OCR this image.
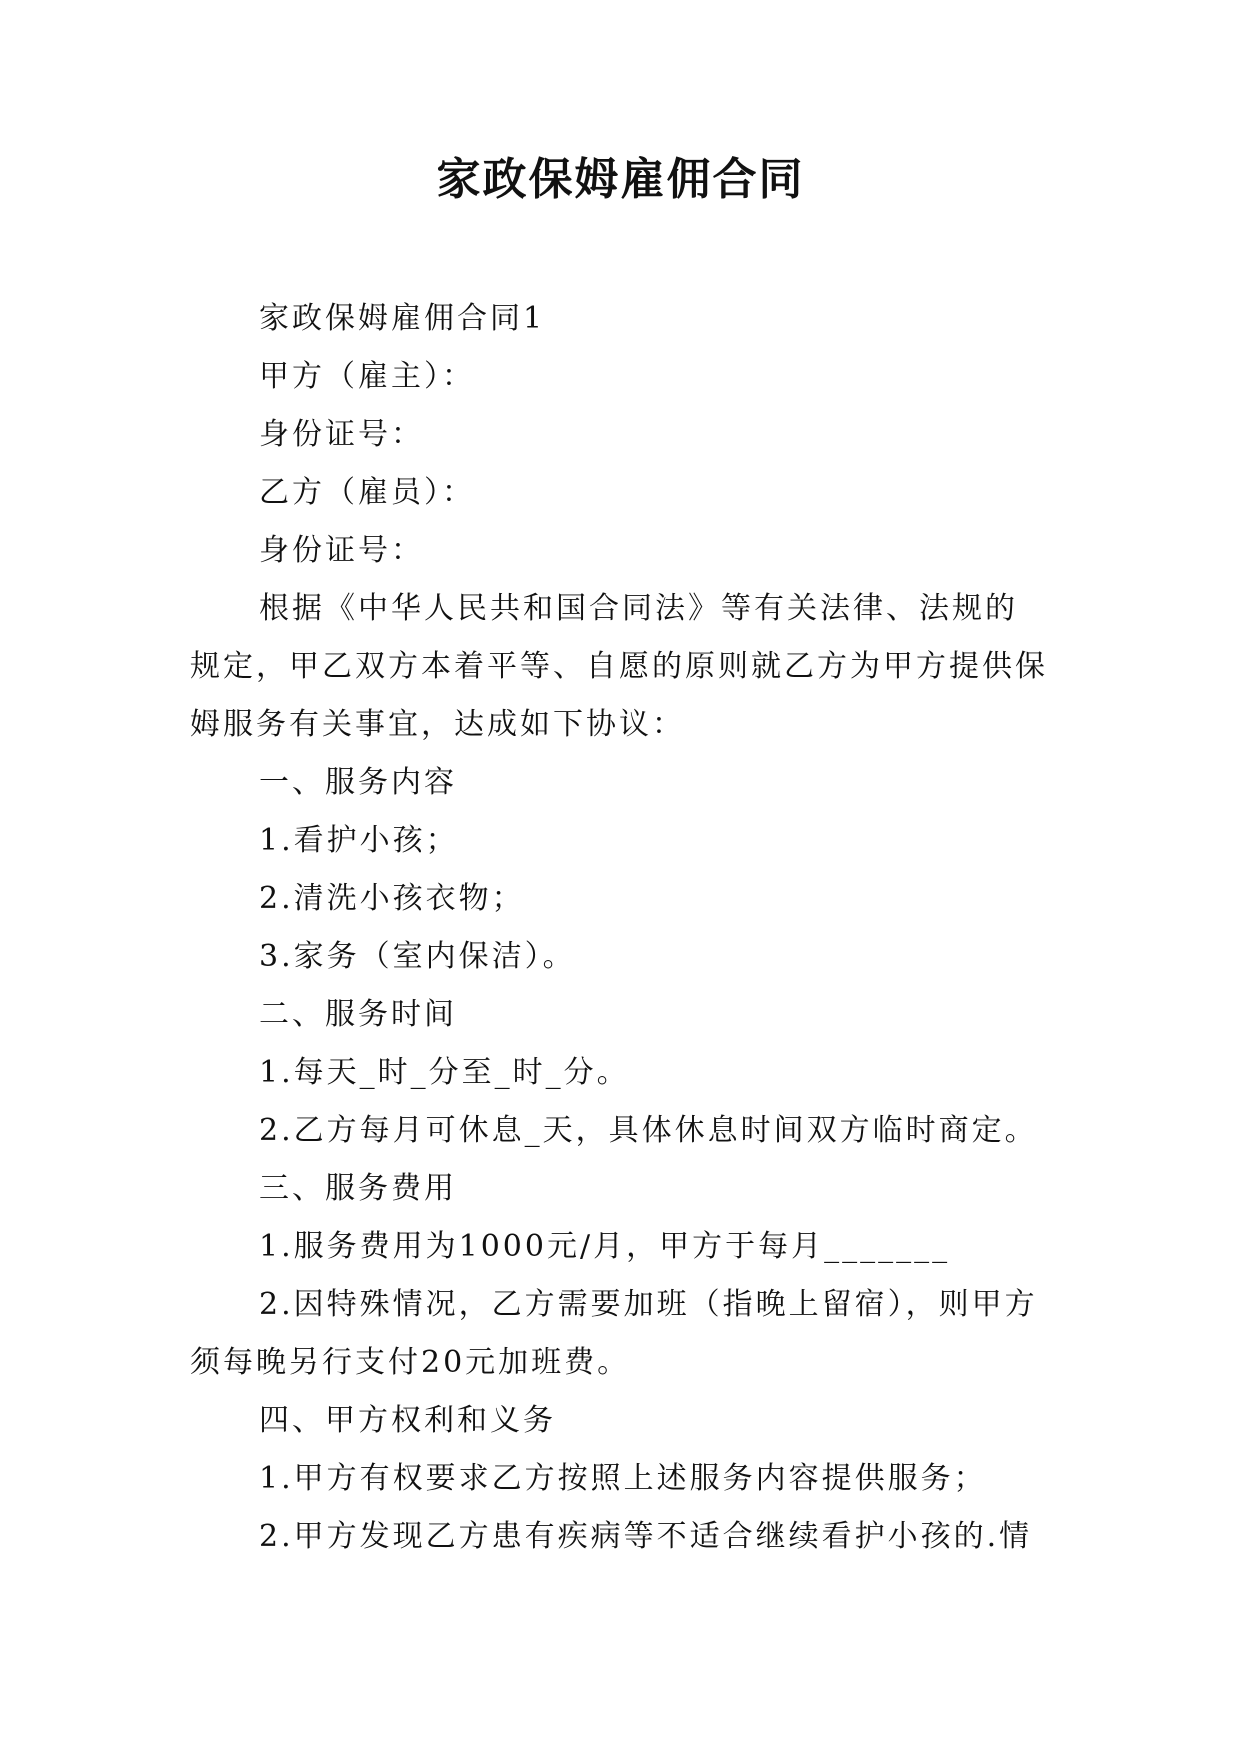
家政保姆雇佣合同

家政保姆雇佣合同1

甲方（雇主）：

身份证号：

乙方（雇员）：

身份证号：

根据《中华人民共和国合同法》等有关法律、法规的规定，甲乙双方本着平等、自愿的原则就乙方为甲方提供保姆服务有关事宜，达成如下协议：

一、服务内容

1.看护小孩；

2.清洗小孩衣物；

3.家务（室内保洁）。

二、服务时间

1.每天_时_分至_时_分。

2.乙方每月可休息_天，具体休息时间双方临时商定。

三、服务费用

1.服务费用为1000元/月，甲方于每月_______

2.因特殊情况，乙方需要加班（指晚上留宿），则甲方须每晚另行支付20元加班费。

四、甲方权利和义务

1.甲方有权要求乙方按照上述服务内容提供服务；

2.甲方发现乙方患有疾病等不适合继续看护小孩的.情
